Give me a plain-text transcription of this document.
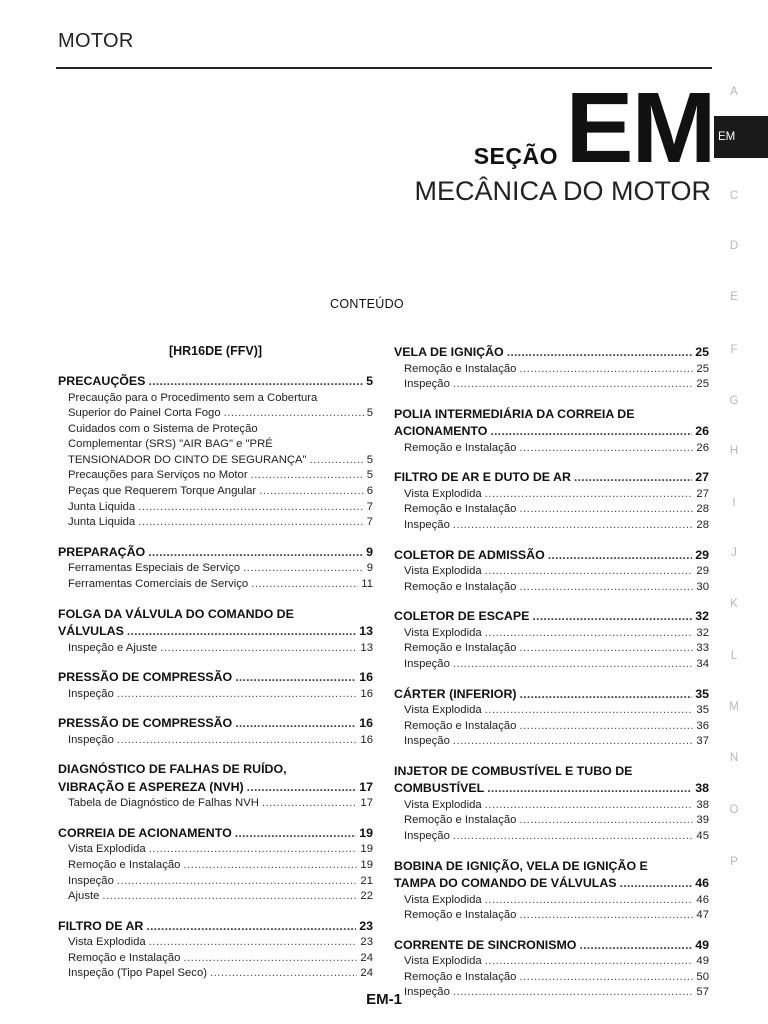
MOTOR
SEÇÃO EM
MECÂNICA DO MOTOR
CONTEÚDO
A
EM
C
D
E
F
G
H
I
J
K
L
M
N
O
P
[HR16DE (FFV)]
PRECAUÇÕES .....	5
Precaução para o Procedimento sem a Cobertura
Superior do Painel Corta Fogo .....	5
Cuidados com o Sistema de Proteção
Complementar (SRS) "AIR BAG" e "PRÉ
TENSIONADOR DO CINTO DE SEGURANÇA" .....	5
Precauções para Serviços no Motor .....	5
Peças que Requerem Torque Angular .....	6
Junta Liquida .....	7
Junta Liquida .....	7
PREPARAÇÃO .....	9
Ferramentas Especiais de Serviço .....	9
Ferramentas Comerciais de Serviço .....	11
FOLGA DA VÁLVULA DO COMANDO DE
VÁLVULAS .....	13
Inspeção e Ajuste .....	13
PRESSÃO DE COMPRESSÃO .....	16
Inspeção .....	16
PRESSÃO DE COMPRESSÃO .....	16
Inspeção .....	16
DIAGNÓSTICO DE FALHAS DE RUÍDO,
VIBRAÇÃO E ASPEREZA (NVH) .....	17
Tabela de Diagnóstico de Falhas NVH .....	17
CORREIA DE ACIONAMENTO .....	19
Vista Explodida .....	19
Remoção e Instalação .....	19
Inspeção .....	21
Ajuste .....	22
FILTRO DE AR .....	23
Vista Explodida .....	23
Remoção e Instalação .....	24
Inspeção (Tipo Papel Seco) .....	24
VELA DE IGNIÇÃO .....	25
Remoção e Instalação .....	25
Inspeção .....	25
POLIA INTERMEDIÁRIA DA CORREIA DE
ACIONAMENTO .....	26
Remoção e Instalação .....	26
FILTRO DE AR E DUTO DE AR .....	27
Vista Explodida .....	27
Remoção e Instalação .....	28
Inspeção .....	28
COLETOR DE ADMISSÃO .....	29
Vista Explodida .....	29
Remoção e Instalação .....	30
COLETOR DE ESCAPE .....	32
Vista Explodida .....	32
Remoção e Instalação .....	33
Inspeção .....	34
CÁRTER (INFERIOR) .....	35
Vista Explodida .....	35
Remoção e Instalação .....	36
Inspeção .....	37
INJETOR DE COMBUSTÍVEL E TUBO DE
COMBUSTÍVEL .....	38
Vista Explodida .....	38
Remoção e Instalação .....	39
Inspeção .....	45
BOBINA DE IGNIÇÃO, VELA DE IGNIÇÃO E
TAMPA DO COMANDO DE VÁLVULAS .....	46
Vista Explodida .....	46
Remoção e Instalação .....	47
CORRENTE DE SINCRONISMO .....	49
Vista Explodida .....	49
Remoção e Instalação .....	50
Inspeção .....	57
EM-1
